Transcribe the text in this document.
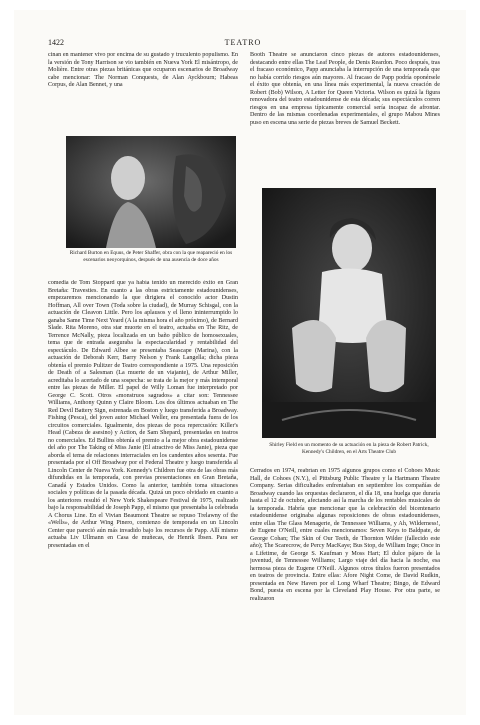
1422	TEATRO

cinan en mantener vivo por encima de su gustado y truculento populismo. En la versión de Tony Harrison se vio también en Nueva York El misántropo, de Molière. Entre otras piezas británicas que ocuparon escenarios de Broadway cabe mencionar: The Norman Conquests, de Alan Ayckbourn; Habeas Corpus, de Alan Bennet, y una

Richard Burton en Equus, de Peter Shaffer, obra con la que reapareció en los escenarios neoyorquinos, después de una ausencia de doce años

comedia de Tom Stoppard que ya había tenido un merecido éxito en Gran Bretaña: Travesties. En cuanto a las obras estrictamente estadounidenses, empezaremos mencionando la que dirigiera el conocido actor Dustin Hoffman, All over Town (Toda sobre la ciudad), de Murray Schisgal, con la actuación de Cleavon Little. Pero los aplausos y el lleno ininterrumpido lo ganaba Same Time Next Yeard (A la misma hora el año próximo), de Bernard Slade. Rita Moreno, otra star muorte en el teatro, actuaba en The Ritz, de Terrence McNally, pieza localizada en un baño público de homosexuales, tema que de entrada aseguraba la espectacularidad y rentabilidad del espectáculo. De Edward Albee se presentaba Seascape (Marina), con la actuación de Deborah Kerr, Barry Nelson y Frank Langella; dicha pieza obtenía el premio Pulitzer de Teatro correspondiente a 1975. Una reposición de Death of a Salesman (La muerte de un viajante), de Arthur Miller, acreditaba lo acertado de una sospecha: se trata de la mejor y más intemporal entre las piezas de Miller. El papel de Willy Loman fue interpretado por George C. Scott. Otros «monstruos sagrados» a citar son: Tennessee Williams, Anthony Quinn y Claire Bloom. Los dos últimos actuaban en The Red Devil Battery Sign, estrenada en Boston y luego transferida a Broadway. Fishing (Pesca), del joven autor Michael Weller, era presentada fuera de los circuitos comerciales. Igualmente, dos piezas de poca repercusión: Killer's Head (Cabeza de asesino) y Action, de Sam Shepard, presentadas en teatros no comerciales. Ed Bullins obtenía el premio a la mejor obra estadounidense del año por The Taking of Miss Janie (El atractivo de Miss Janie), pieza que aborda el tema de relaciones interraciales en los candentes años sesenta. Fue presentada por el Off Broadway por el Federal Theatre y luego transferida al Lincoln Center de Nueva York. Kennedy's Children fue otra de las obras más difundidas en la temporada, con previas presentaciones en Gran Bretaña, Canadá y Estados Unidos. Como la anterior, también toma situaciones sociales y políticas de la pasada década. Quizá un poco olvidado en cuanto a los anteriores resultó el New York Shakespeare Festival de 1975, realizado bajo la responsabilidad de Joseph Papp, el mismo que presentaba la celebrada A Chorus Line. En el Vivian Beaumont Theatre se repuso Trelawny of the «Wells», de Arthur Wing Pinero, comienzo de temporada en un Lincoln Center que pareció aún más invadido bajo los recursos de Papp. Allí mismo actuaba Liv Ullmann en Casa de muñecas, de Henrik Ibsen. Para ser presentadas en el

Booth Theatre se anunciaron cinco piezas de autores estadounidenses, destacando entre ellas The Leaf People, de Denis Reardon. Poco después, tras el fracaso económico, Papp anunciaba la interrupción de una temporada que no había corrido riesgos aún mayores. Al fracaso de Papp podría oponérsele el éxito que obtenía, en una línea más experimental, la nueva creación de Robert (Bob) Wilson, A Letter for Queen Victoria. Wilson es quizá la figura renovadora del teatro estadounidense de esta década; sus espectáculos corren riesgos en una empresa típicamente comercial sería incapaz de afrontar. Dentro de las mismas coordenadas experimentales, el grupo Mabou Mines puso en escena una serie de piezas breves de Samuel Beckett.

Shirley Field en un momento de su actuación en la pieza de Robert Patrick, Kennedy's Children, en el Arts Theatre Club

Cerrados en 1974, reabrían en 1975 algunos grupos como el Cohoes Music Hall, de Cohoes (N.Y.), el Pittsburg Public Theatre y la Hartmann Theatre Company. Serias dificultades enfrentaban en septiembre los compañías de Broadway cuando las orquestas declararon, el día 18, una huelga que duraría hasta el 12 de octubre, afectando así la marcha de los rentables musicales de la temporada. Habría que mencionar que la celebración del bicentenario estadounidense originaba algunas reposiciones de obras estadounidenses, entre ellas The Glass Menagerie, de Tennessee Williams, y Ah, Wilderness!, de Eugene O'Neill, entre cuales mencionamos: Seven Keys to Baldpate, de George Cohan; The Skin of Our Teeth, de Thornton Wilder (fallecido este año); The Scarecrow, de Percy MacKaye; Bus Stop, de William Inge; Once in a Lifetime, de George S. Kaufman y Moss Hart; El dulce pájaro de la juventud, de Tennessee Williams; Largo viaje del día hacia la noche, esa hermosa pieza de Eugene O'Neill. Algunos otros títulos fueron presentados en teatros de provincia. Entre ellas: Afore Night Come, de David Rudkin, presentada en New Haven por el Long Wharf Theatre; Bingo, de Edward Bond, puesta en escena por la Cleveland Play House. Por otra parte, se realizaron
